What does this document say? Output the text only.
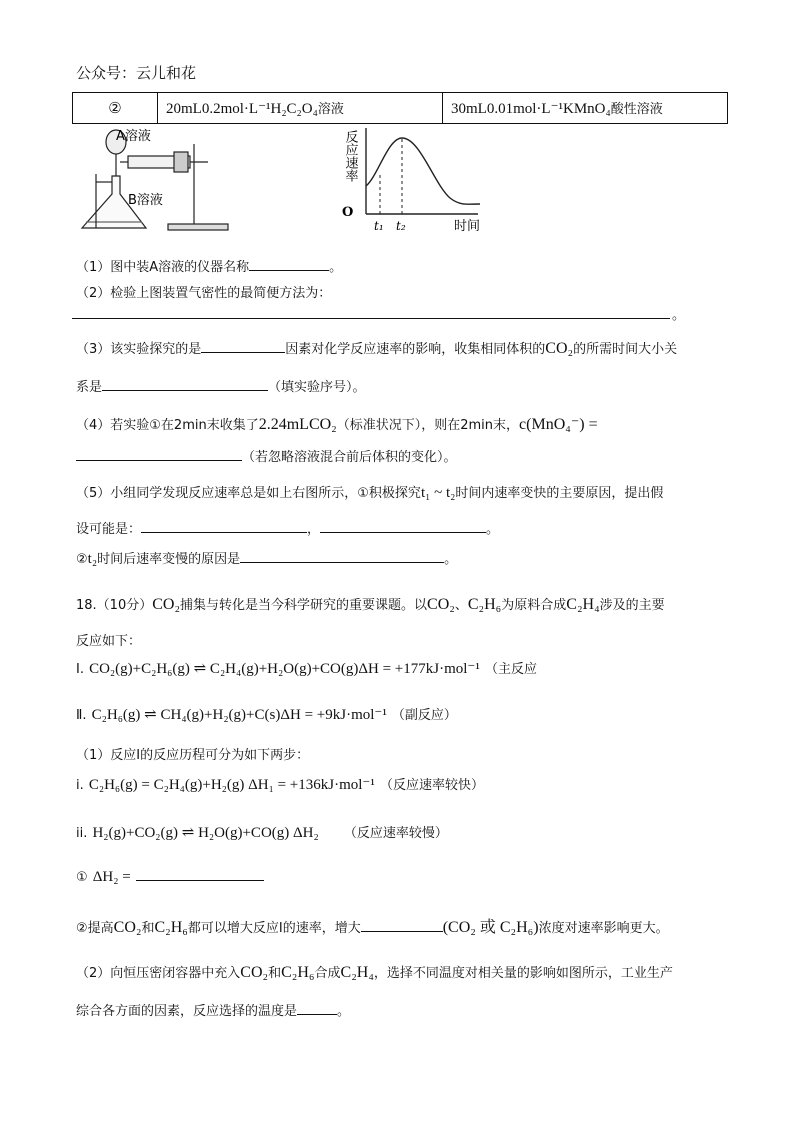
公众号：云儿和花
②	20mL0.2mol·L⁻¹H₂C₂O₄溶液	30mL0.01mol·L⁻¹KMnO₄酸性溶液
A溶液
B溶液
反应速率
O
t₁ t₂	时间
（1）图中装A溶液的仪器名称	。
（2）检验上图装置气密性的最简便方法为：
。
（3）该实验探究的是	因素对化学反应速率的影响，收集相同体积的CO₂的所需时间大小关
系是	（填实验序号）。
（4）若实验①在2min末收集了2.24mLCO₂（标准状况下），则在2min末，c(MnO₄⁻) =
（若忽略溶液混合前后体积的变化）。
（5）小组同学发现反应速率总是如上右图所示，①积极探究t₁ ~ t₂时间内速率变快的主要原因，提出假
设可能是：	，	。
②t₂时间后速率变慢的原因是	。
18.（10分）CO₂捕集与转化是当今科学研究的重要课题。以CO₂、C₂H₆为原料合成C₂H₄涉及的主要
反应如下：
Ⅰ. CO₂(g)+C₂H₆(g) ⇌ C₂H₄(g)+H₂O(g)+CO(g)ΔH = +177kJ·mol⁻¹ （主反应
Ⅱ. C₂H₆(g) ⇌ CH₄(g)+H₂(g)+C(s)ΔH = +9kJ·mol⁻¹ （副反应）
（1）反应Ⅰ的反应历程可分为如下两步：
i. C₂H₆(g) = C₂H₄(g)+H₂(g) ΔH₁ = +136kJ·mol⁻¹ （反应速率较快）
ii. H₂(g)+CO₂(g) ⇌ H₂O(g)+CO(g) ΔH₂ （反应速率较慢）
① ΔH₂ =
②提高CO₂和C₂H₆都可以增大反应Ⅰ的速率，增大	(CO₂ 或 C₂H₆)浓度对速率影响更大。
（2）向恒压密闭容器中充入CO₂和C₂H₆合成C₂H₄，选择不同温度对相关量的影响如图所示，工业生产
综合各方面的因素，反应选择的温度是	。
